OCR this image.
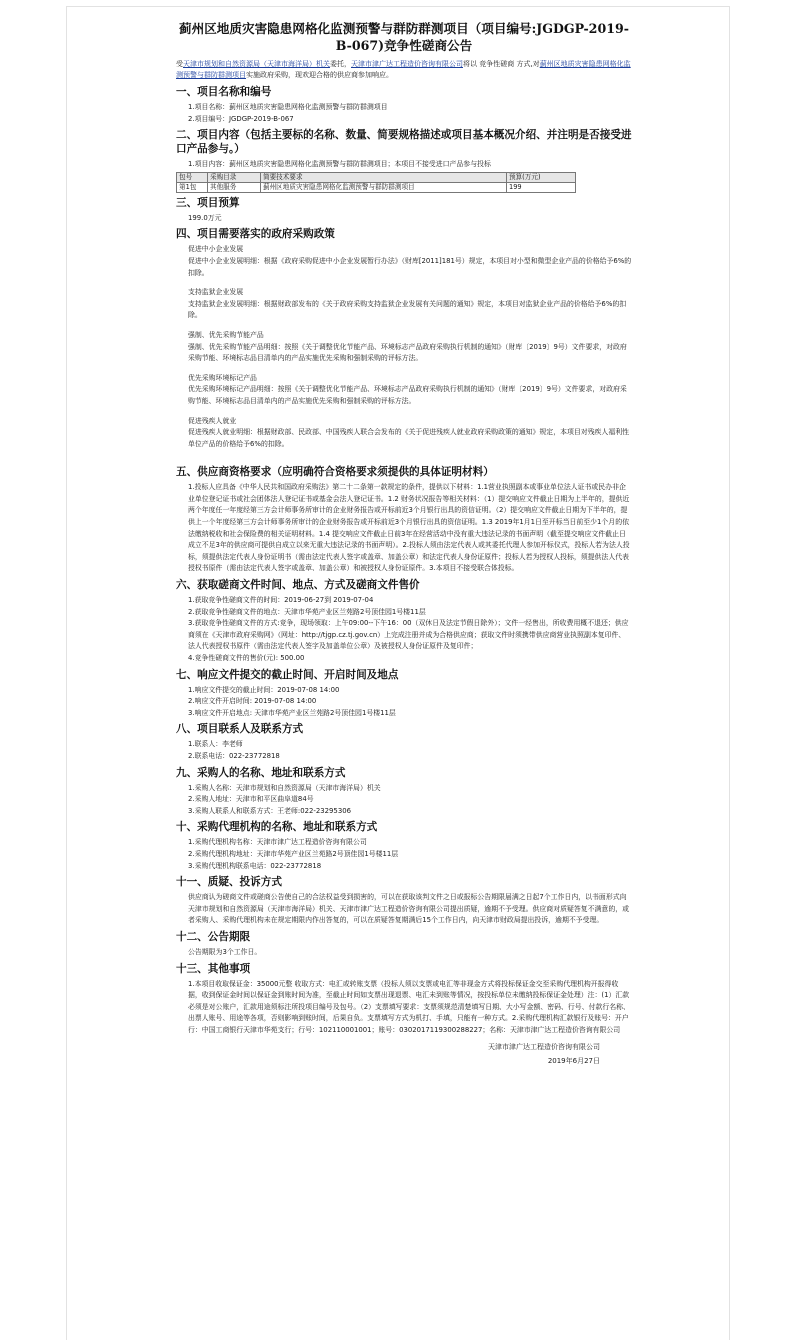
蓟州区地质灾害隐患网格化监测预警与群防群测项目（项目编号:JGDGP-2019-B-067)竞争性磋商公告
受天津市规划和自然资源局（天津市海洋局）机关委托，天津市津广达工程造价咨询有限公司将以 竞争性磋商 方式,对蓟州区地质灾害隐患网格化监测预警与群防群测项目实施政府采购，现欢迎合格的供应商参加响应。
一、项目名称和编号

1.项目名称：蓟州区地质灾害隐患网格化监测预警与群防群测项目

2.项目编号：JGDGP-2019-B-067

二、项目内容（包括主要标的名称、数量、简要规格描述或项目基本概况介绍、并注明是否接受进口产品参与。）

1.项目内容：蓟州区地质灾害隐患网格化监测预警与群防群测项目；本项目不接受进口产品参与投标

包号	采购目录	简要技术要求	预算(万元)
第1包	其他服务	蓟州区地质灾害隐患网格化监测预警与群防群测项目	199
三、项目预算

199.0万元

四、项目需要落实的政府采购政策

促进中小企业发展

促进中小企业发展明细：根据《政府采购促进中小企业发展暂行办法》（财库[2011]181号）规定，本项目对小型和微型企业产品的价格给予6%的扣除。

支持监狱企业发展

支持监狱企业发展明细：根据财政部发布的《关于政府采购支持监狱企业发展有关问题的通知》规定，本项目对监狱企业产品的价格给予6%的扣除。

强制、优先采购节能产品

强制、优先采购节能产品明细：按照《关于调整优化节能产品、环境标志产品政府采购执行机制的通知》（财库〔2019〕9号）文件要求，对政府采购节能、环境标志品目清单内的产品实施优先采购和强制采购的评标方法。

优先采购环境标记产品

优先采购环境标记产品明细：按照《关于调整优化节能产品、环境标志产品政府采购执行机制的通知》（财库〔2019〕9号）文件要求，对政府采购节能、环境标志品目清单内的产品实施优先采购和强制采购的评标方法。

促进残疾人就业

促进残疾人就业明细：根据财政部、民政部、中国残疾人联合会发布的《关于促进残疾人就业政府采购政策的通知》规定，本项目对残疾人福利性单位产品的价格给予6%的扣除。

五、供应商资格要求（应明确符合资格要求须提供的具体证明材料）

1.投标人应具备《中华人民共和国政府采购法》第二十二条第一款规定的条件，提供以下材料：1.1营业执照副本或事业单位法人证书或民办非企业单位登记证书或社会团体法人登记证书或基金会法人登记证书。1.2 财务状况报告等相关材料：（1）提交响应文件截止日期为上半年的，提供近两个年度任一年度经第三方会计师事务所审计的企业财务报告或开标前近3个月银行出具的资信证明。（2）提交响应文件截止日期为下半年的，提供上一个年度经第三方会计师事务所审计的企业财务报告或开标前近3个月银行出具的资信证明。1.3 2019年1月1日至开标当日前至少1个月的依法缴纳税收和社会保险费的相关证明材料。1.4 提交响应文件截止日前3年在经营活动中没有重大违法记录的书面声明（截至提交响应文件截止日成立不足3年的供应商可提供自成立以来无重大违法记录的书面声明）。2.投标人须由法定代表人或其委托代理人参加开标仪式，投标人若为法人投标，须提供法定代表人身份证明书（需由法定代表人签字或盖章、加盖公章）和法定代表人身份证原件；投标人若为授权人投标，须提供法人代表授权书原件（需由法定代表人签字或盖章、加盖公章）和被授权人身份证原件。3.本项目不接受联合体投标。

六、获取磋商文件时间、地点、方式及磋商文件售价

1.获取竞争性磋商文件的时间：2019-06-27到 2019-07-04

2.获取竞争性磋商文件的地点：天津市华苑产业区兰苑路2号顶佳园1号楼11层

3.获取竞争性磋商文件的方式:竞争，现场领取：上午09:00--下午16：00（双休日及法定节假日除外）；文件一经售出，所收费用概不退还；供应商须在《天津市政府采购网》（网址：http://tjgp.cz.tj.gov.cn）上完成注册并成为合格供应商；获取文件时须携带供应商营业执照副本复印件、法人代表授权书原件（需由法定代表人签字及加盖单位公章）及被授权人身份证原件及复印件；

4.竞争性磋商文件的售价(元): 500.00

七、响应文件提交的截止时间、开启时间及地点

1.响应文件提交的截止时间：2019-07-08 14:00

2.响应文件开启时间: 2019-07-08 14:00

3.响应文件开启地点: 天津市华苑产业区兰苑路2号顶佳园1号楼11层

八、项目联系人及联系方式

1.联系人：李老师

2.联系电话：022-23772818

九、采购人的名称、地址和联系方式

1.采购人名称：天津市规划和自然资源局（天津市海洋局）机关

2.采购人地址：天津市和平区曲阜道84号

3.采购人联系人和联系方式：王老师:022-23295306

十、采购代理机构的名称、地址和联系方式

1.采购代理机构名称：天津市津广达工程造价咨询有限公司

2.采购代理机构地址：天津市华苑产业区兰苑路2号顶佳园1号楼11层

3.采购代理机构联系电话：022-23772818

十一、质疑、投诉方式

供应商认为磋商文件或磋商公告使自己的合法权益受到损害的，可以在获取该判文件之日或报标公告期限届满之日起7个工作日内，以书面形式向天津市规划和自然资源局（天津市海洋局）机关、天津市津广达工程造价咨询有限公司提出质疑，逾期不予受理。供应商对质疑答复不满意的，或者采购人、采购代理机构未在规定期限内作出答复的，可以在质疑答复期满后15个工作日内，向天津市财政局提出投诉，逾期不予受理。

十二、公告期限

公告期限为3个工作日。

十三、其他事项

1.本项目收取保证金：35000元整 收取方式：电汇或转账支票（投标人须以支票或电汇等非现金方式将投标保证金交至采购代理机构开报得收据，收到保证金时间以保证金到账时间为准，至截止时间如支票出现退票、电汇未到账等情况，按投标单位未缴纳投标保证金处理）注：(1）汇款必须是对公账户，汇款用途须标注所投项目编号及包号。（2）支票填写要求：支票须规范清楚填写日期、大小写金额、密码、行号、付款行名称、出票人账号、用途等各项，否则影响到账时间，后果自负。支票填写方式为机打、手填，只能有一种方式。2.采购代理机构汇款银行及账号：开户行：中国工商银行天津市华苑支行；行号：102110001001；账号：0302017119300288227；名称：天津市津广达工程造价咨询有限公司

天津市津广达工程造价咨询有限公司
2019年6月27日
